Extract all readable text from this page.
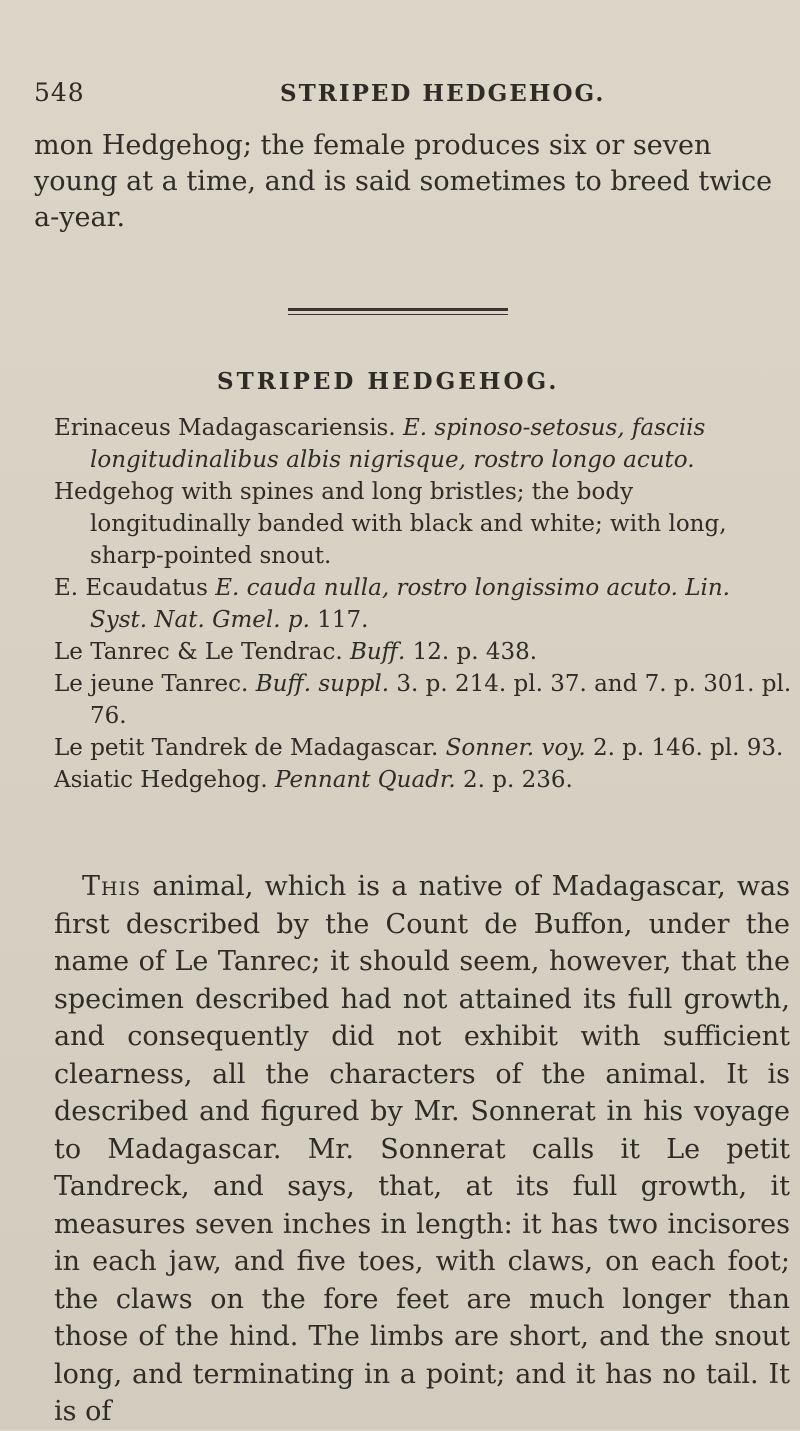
548	STRIPED HEDGEHOG.

mon Hedgehog; the female produces six or seven young at a time, and is said sometimes to breed twice a-year.

STRIPED HEDGEHOG.

Erinaceus Madagascariensis. E. spinoso-setosus, fasciis longitudinalibus albis nigrisque, rostro longo acuto.

Hedgehog with spines and long bristles; the body longitudinally banded with black and white; with long, sharp-pointed snout.

E. Ecaudatus E. cauda nulla, rostro longissimo acuto. Lin. Syst. Nat. Gmel. p. 117.

Le Tanrec & Le Tendrac. Buff. 12. p. 438.

Le jeune Tanrec. Buff. suppl. 3. p. 214. pl. 37. and 7. p. 301. pl. 76.

Le petit Tandrek de Madagascar. Sonner. voy. 2. p. 146. pl. 93.

Asiatic Hedgehog. Pennant Quadr. 2. p. 236.

This animal, which is a native of Madagascar, was first described by the Count de Buffon, under the name of Le Tanrec; it should seem, however, that the specimen described had not attained its full growth, and consequently did not exhibit with sufficient clearness, all the characters of the animal. It is described and figured by Mr. Sonnerat in his voyage to Madagascar. Mr. Sonnerat calls it Le petit Tandreck, and says, that, at its full growth, it measures seven inches in length: it has two incisores in each jaw, and five toes, with claws, on each foot; the claws on the fore feet are much longer than those of the hind. The limbs are short, and the snout long, and terminating in a point; and it has no tail. It is of
